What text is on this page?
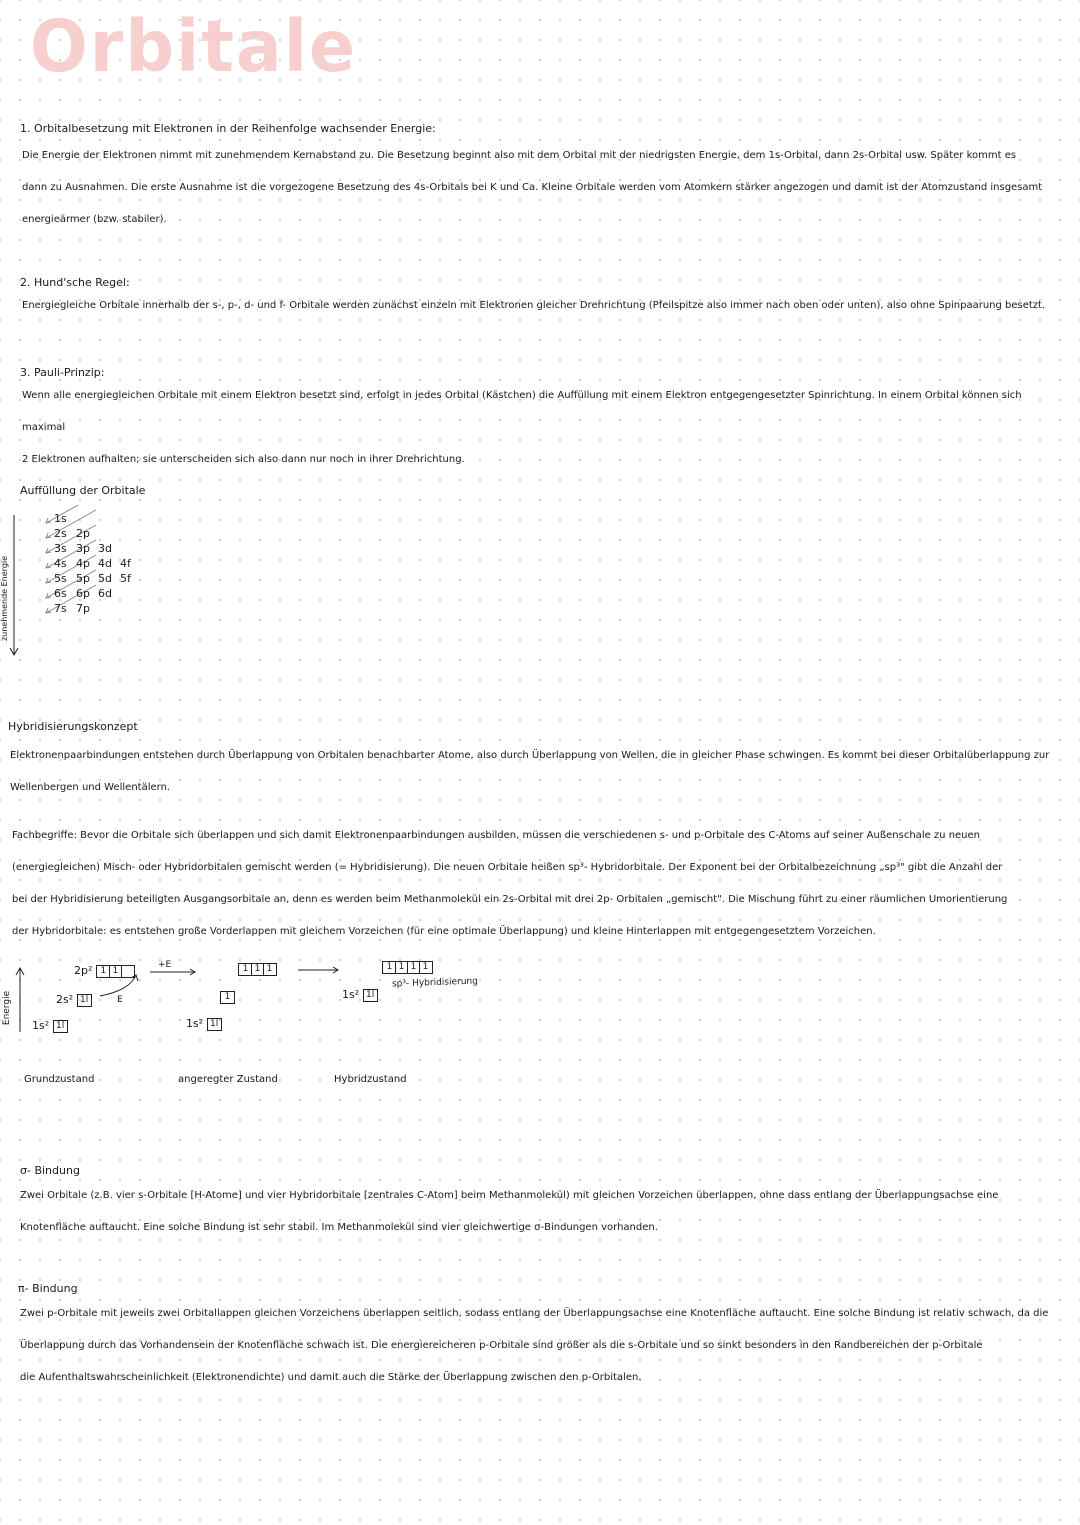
Orbitale
1. Orbitalbesetzung mit Elektronen in der Reihenfolge wachsender Energie:
Die Energie der Elektronen nimmt mit zunehmendem Kernabstand zu. Die Besetzung beginnt also mit dem Orbital mit der niedrigsten Energie, dem 1s-Orbital, dann 2s-Orbital usw. Später kommt es
dann zu Ausnahmen. Die erste Ausnahme ist die vorgezogene Besetzung des 4s-Orbitals bei K und Ca. Kleine Orbitale werden vom Atomkern stärker angezogen und damit ist der Atomzustand insgesamt
energieärmer (bzw. stabiler).
2. Hund'sche Regel:
Energiegleiche Orbitale innerhalb der s-, p-, d- und f- Orbitale werden zunächst einzeln mit Elektronen gleicher Drehrichtung (Pfeilspitze also immer nach oben oder unten), also ohne Spinpaarung besetzt.
3. Pauli-Prinzip:
Wenn alle energiegleichen Orbitale mit einem Elektron besetzt sind, erfolgt in jedes Orbital (Kästchen) die Auffüllung mit einem Elektron entgegengesetzter Spinrichtung. In einem Orbital können sich maximal
2 Elektronen aufhalten; sie unterscheiden sich also dann nur noch in ihrer Drehrichtung.
Auffüllung der Orbitale
zunehmende Energie
1s
2s 2p
3s 3p 3d
4s 4p 4d 4f
5s 5p 5d 5f
6s 6p 6d
7s 7p
Hybridisierungskonzept
Elektronenpaarbindungen entstehen durch Überlappung von Orbitalen benachbarter Atome, also durch Überlappung von Wellen, die in gleicher Phase schwingen. Es kommt bei dieser Orbitalüberlappung zur
Wellenbergen und Wellentälern.
Fachbegriffe: Bevor die Orbitale sich überlappen und sich damit Elektronenpaarbindungen ausbilden, müssen die verschiedenen s- und p-Orbitale des C-Atoms auf seiner Außenschale zu neuen
(energiegleichen) Misch- oder Hybridorbitalen gemischt werden (= Hybridisierung). Die neuen Orbitale heißen sp³- Hybridorbitale. Der Exponent bei der Orbitalbezeichnung „sp³" gibt die Anzahl der
bei der Hybridisierung beteiligten Ausgangsorbitale an, denn es werden beim Methanmolekül ein 2s-Orbital mit drei 2p- Orbitalen „gemischt". Die Mischung führt zu einer räumlichen Umorientierung
der Hybridorbitale: es entstehen große Vorderlappen mit gleichem Vorzeichen (für eine optimale Überlappung) und kleine Hinterlappen mit entgegengesetztem Vorzeichen.
Energie
+E
E
2p² 1 1
2s² 1l
1s² 1l
1 1 1
1
1s² 1l
1 1 1 1
sp³- Hybridisierung
1s² 1l
Grundzustand	angeregter Zustand	Hybridzustand
σ- Bindung
Zwei Orbitale (z.B. vier s-Orbitale [H-Atome] und vier Hybridorbitale [zentrales C-Atom] beim Methanmolekül) mit gleichen Vorzeichen überlappen, ohne dass entlang der Überlappungsachse eine
Knotenfläche auftaucht. Eine solche Bindung ist sehr stabil. Im Methanmolekül sind vier gleichwertige σ-Bindungen vorhanden.
π- Bindung
Zwei p-Orbitale mit jeweils zwei Orbitallappen gleichen Vorzeichens überlappen seitlich, sodass entlang der Überlappungsachse eine Knotenfläche auftaucht. Eine solche Bindung ist relativ schwach, da die
Überlappung durch das Vorhandensein der Knotenfläche schwach ist. Die energiereicheren p-Orbitale sind größer als die s-Orbitale und so sinkt besonders in den Randbereichen der p-Orbitale
die Aufenthaltswahrscheinlichkeit (Elektronendichte) und damit auch die Stärke der Überlappung zwischen den p-Orbitalen.
